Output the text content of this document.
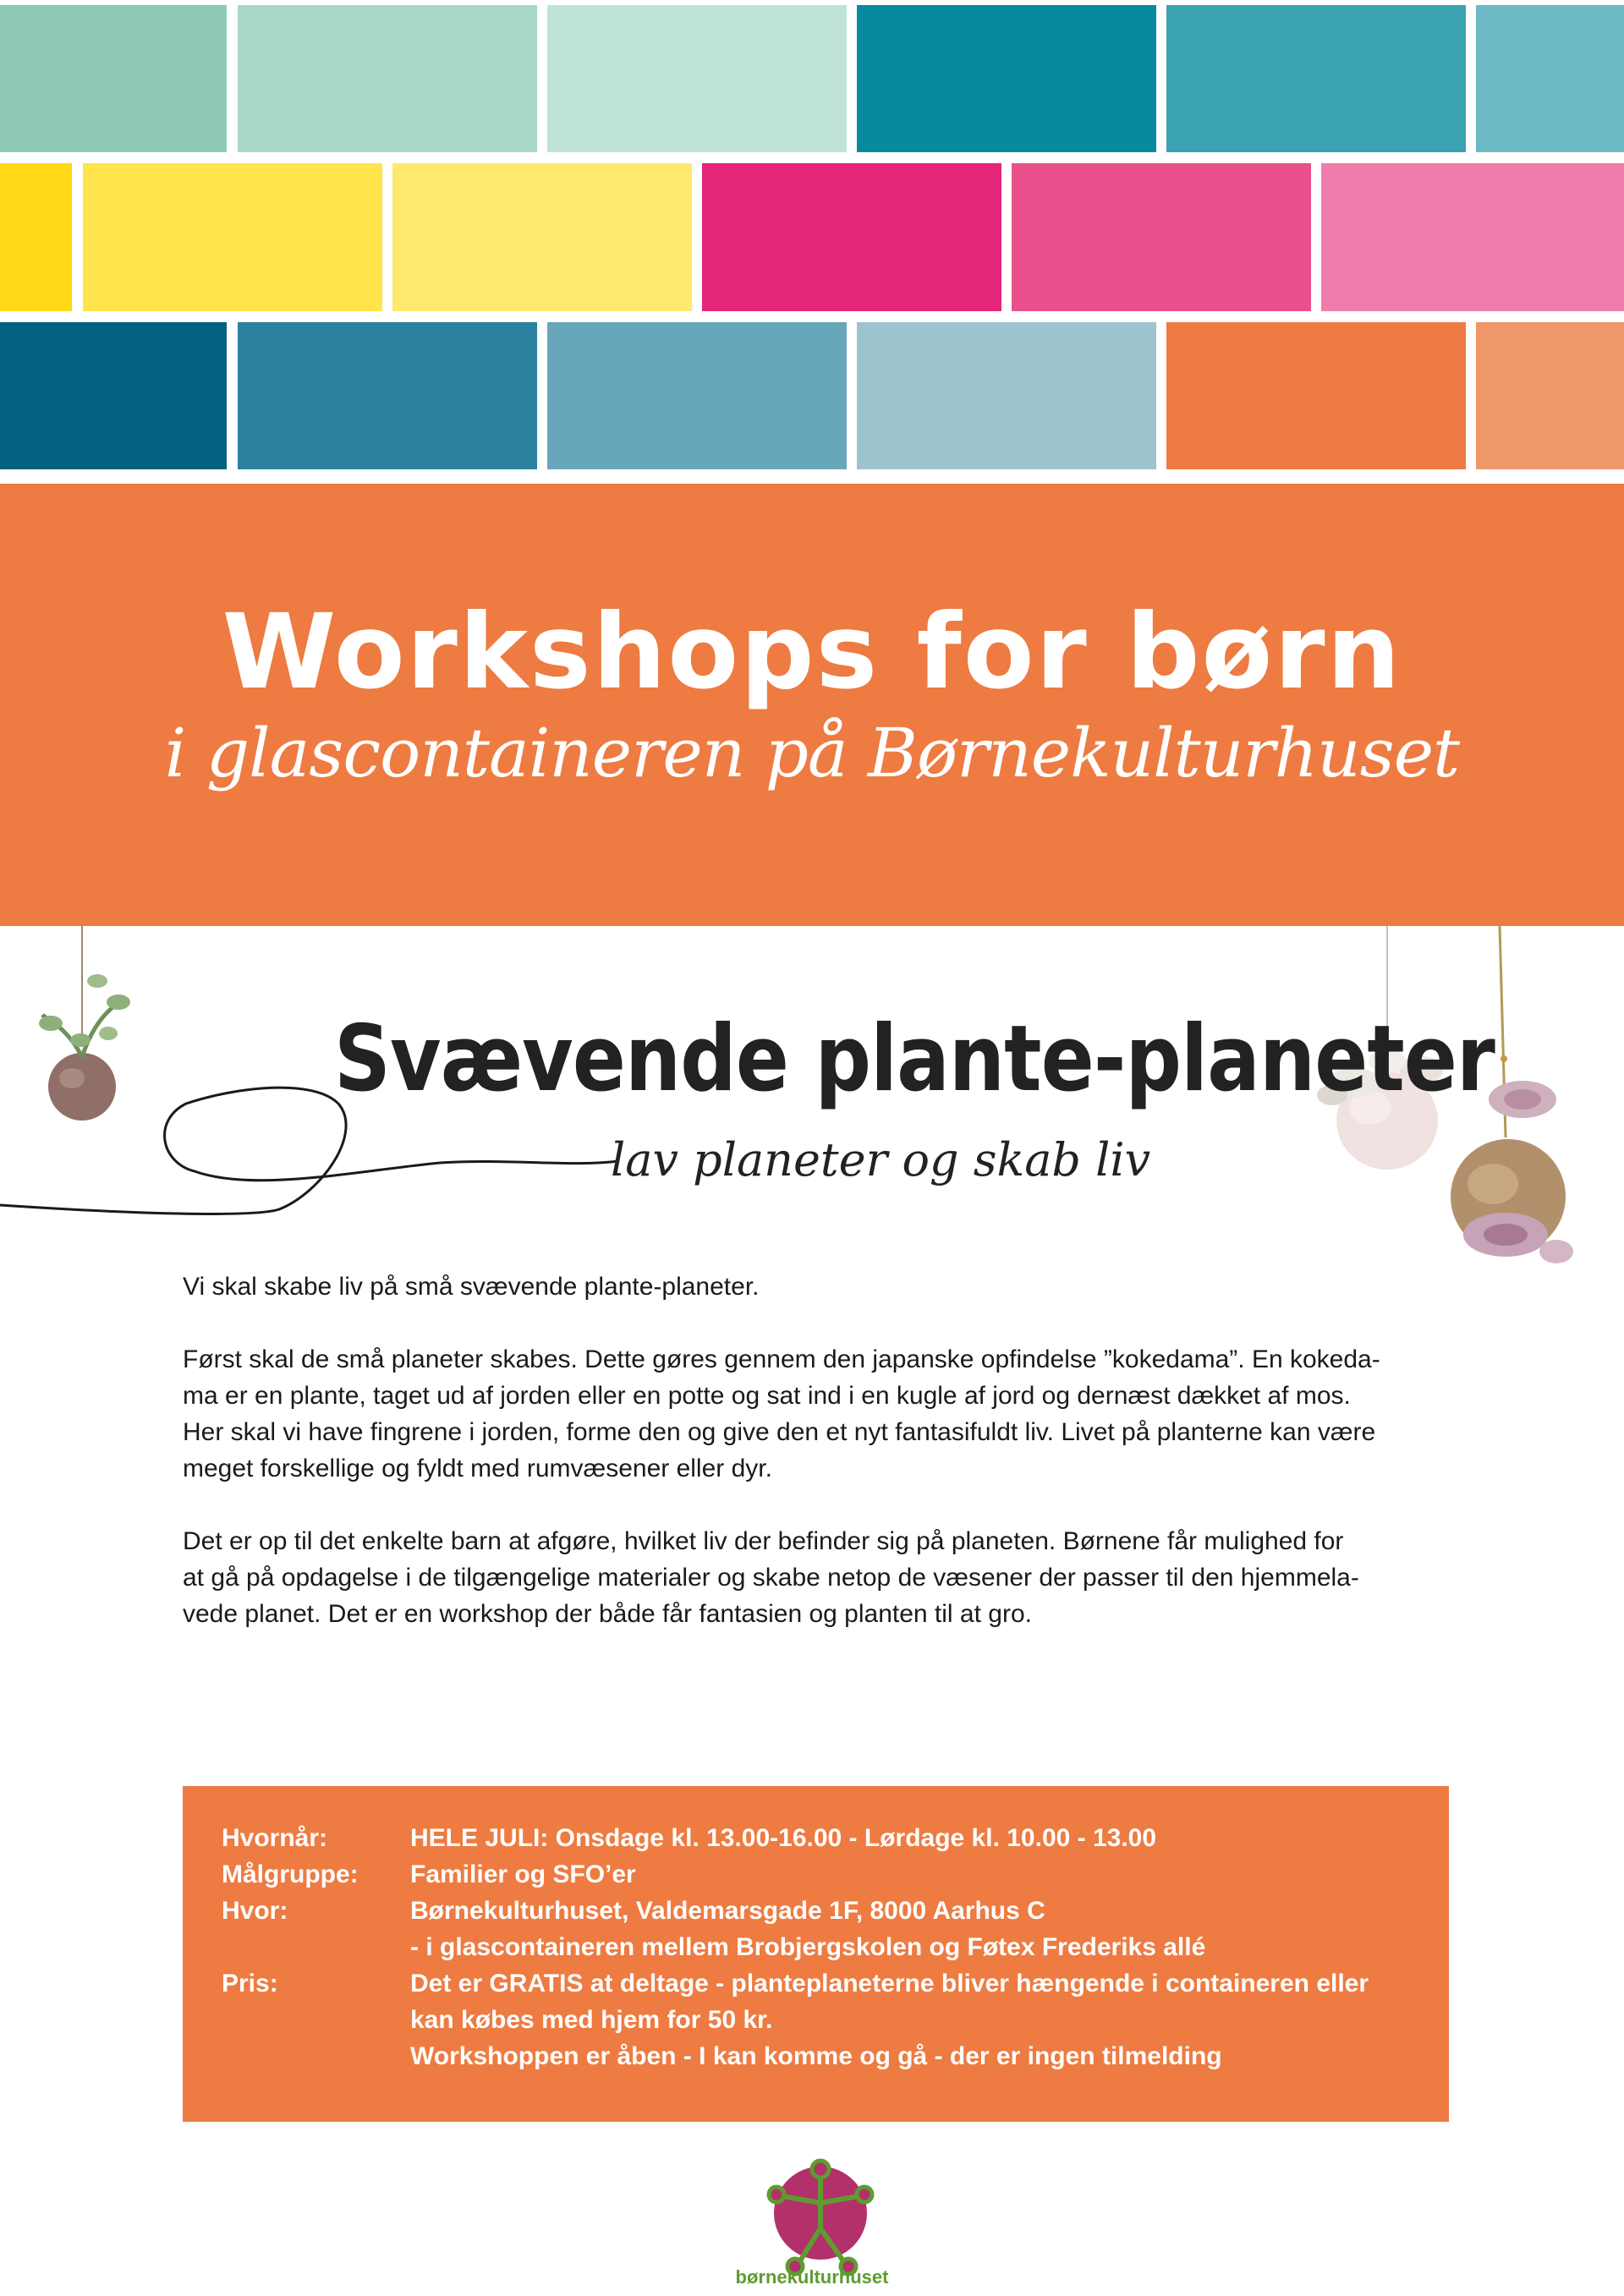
Workshops for børn
i glascontaineren på Børnekulturhuset
Svævende plante-planeter
lav planeter og skab liv

Vi skal skabe liv på små svævende plante-planeter.

Først skal de små planeter skabes. Dette gøres gennem den japanske opfindelse ”kokedama”. En kokeda-
ma er en plante, taget ud af jorden eller en potte og sat ind i en kugle af jord og dernæst dækket af mos.
Her skal vi have fingrene i jorden, forme den og give den et nyt fantasifuldt liv. Livet på planterne kan være
meget forskellige og fyldt med rumvæsener eller dyr.

Det er op til det enkelte barn at afgøre, hvilket liv der befinder sig på planeten. Børnene får mulighed for
at gå på opdagelse i de tilgængelige materialer og skabe netop de væsener der passer til den hjemmela-
vede planet. Det er en workshop der både får fantasien og planten til at gro.

Hvornår:	HELE JULI: Onsdage kl. 13.00-16.00 - Lørdage kl. 10.00 - 13.00
Målgruppe:	Familier og SFO’er
Hvor:	Børnekulturhuset, Valdemarsgade 1F, 8000 Aarhus C
- i glascontaineren mellem Brobjergskolen og Føtex Frederiks allé
Pris:	Det er GRATIS at deltage - planteplaneterne bliver hængende i containeren eller
kan købes med hjem for 50 kr.
Workshoppen er åben - I kan komme og gå - der er ingen tilmelding
børnekulturhuset
